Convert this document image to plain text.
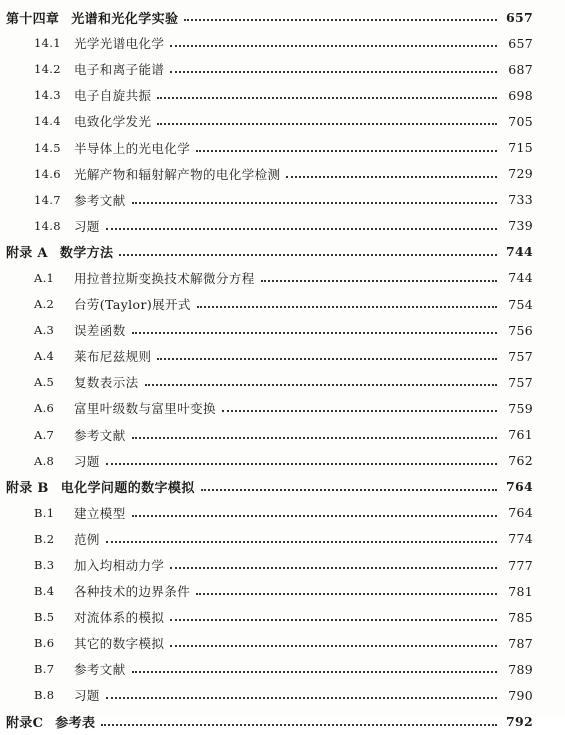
第十四章 光谱和光化学实验	657
14.1	光学光谱电化学	657
14.2	电子和离子能谱	687
14.3	电子自旋共振	698
14.4	电致化学发光	705
14.5	半导体上的光电化学	715
14.6	光解产物和辐射解产物的电化学检测	729
14.7	参考文献	733
14.8	习题	739
附录 A 数学方法	744
A.1	用拉普拉斯变换技术解微分方程	744
A.2	台劳(Taylor)展开式	754
A.3	误差函数	756
A.4	莱布尼兹规则	757
A.5	复数表示法	757
A.6	富里叶级数与富里叶变换	759
A.7	参考文献	761
A.8	习题	762
附录 B 电化学问题的数字模拟	764
B.1	建立模型	764
B.2	范例	774
B.3	加入均相动力学	777
B.4	各种技术的边界条件	781
B.5	对流体系的模拟	785
B.6	其它的数字模拟	787
B.7	参考文献	789
B.8	习题	790
附录C 参考表	792
